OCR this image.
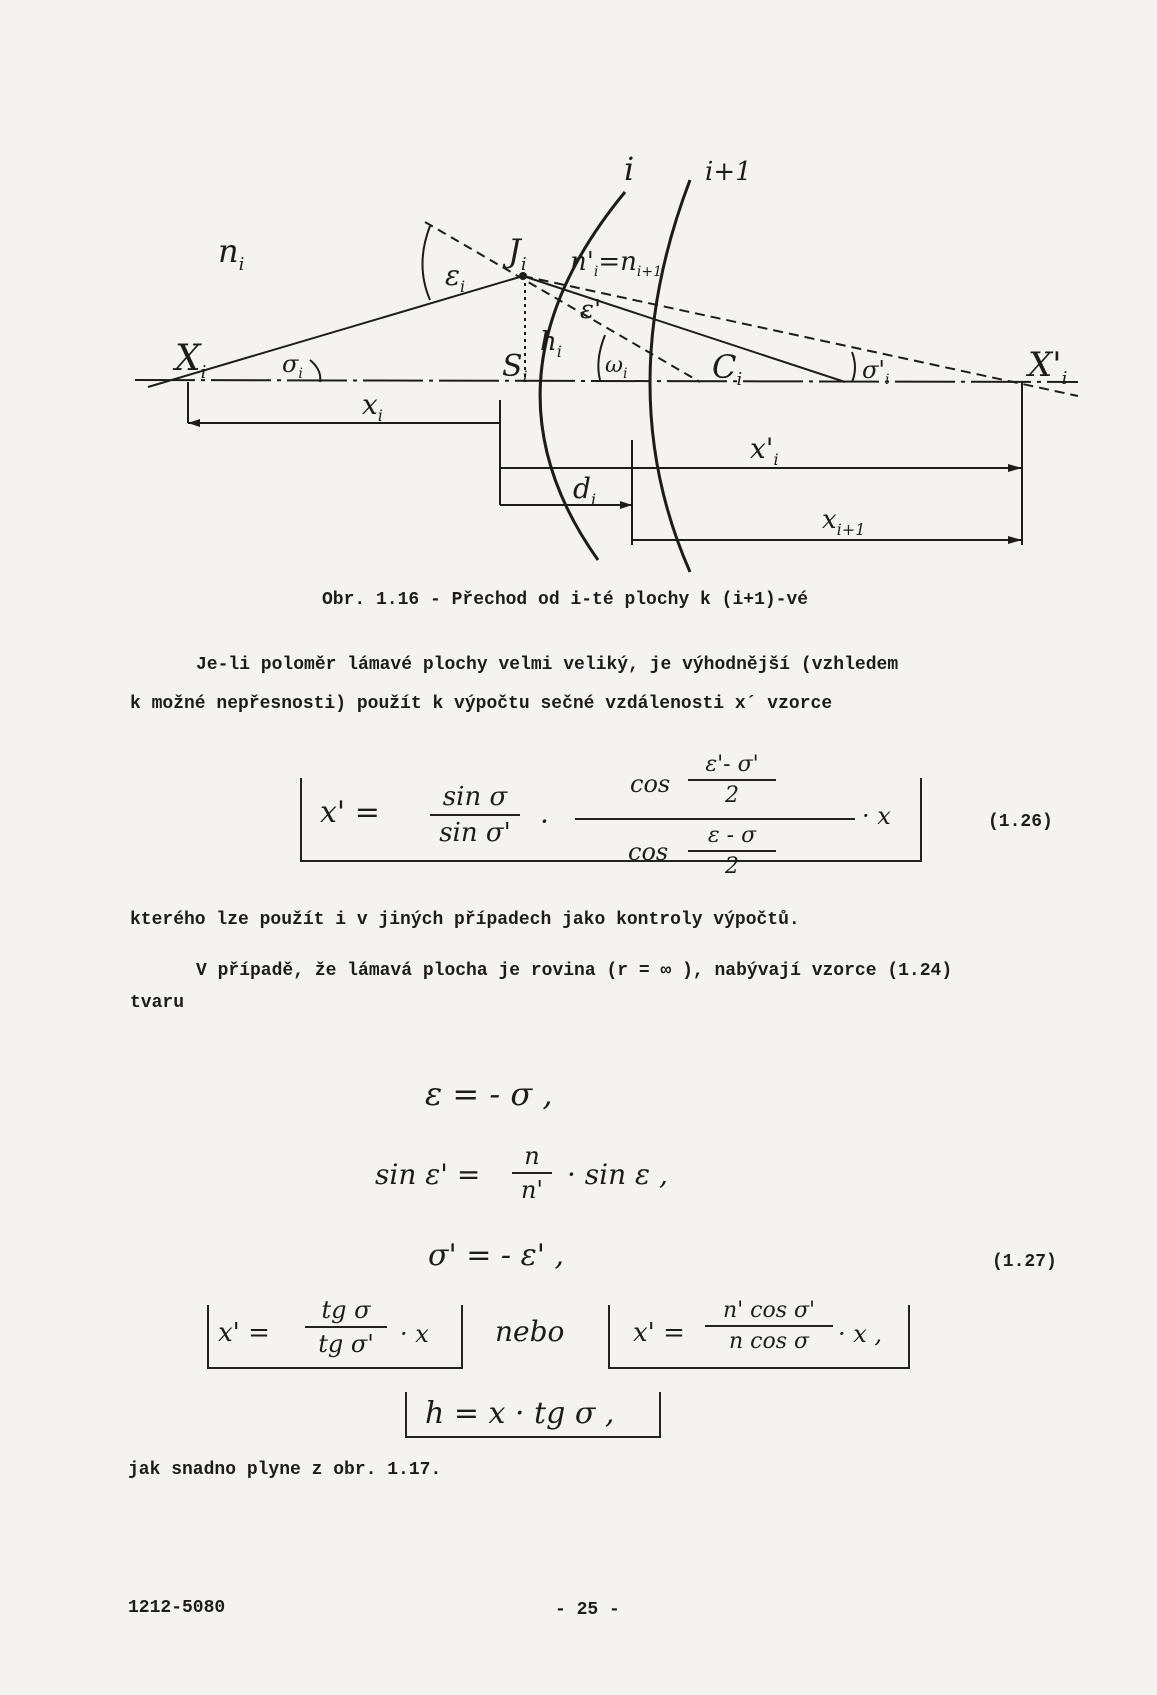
i	i+1
$n_i$	$J_i$ $n'_i=n_{i+1}$
$\varepsilon_i$
ε'
$X_i$	$\sigma_i$
$h_i$
$S_i$	$\omega_i$	$C_i$	$\sigma'_i$	$X'_i$
$x_i$
$x'_i$
$d_i$
$x_{i+1}$
Obr. 1.16 - Přechod od i-té plochy k (i+1)-vé
Je-li poloměr lámavé plochy velmi veliký, je výhodnější (vzhledem
k možné nepřesnosti) použít k výpočtu sečné vzdálenosti x´ vzorce
x' =	sin σ
sin σ'	·
cos
ε'- σ'
2
cos
ε - σ
2
· x	(1.26)
kterého lze použít i v jiných případech jako kontroly výpočtů.
V případě, že lámavá plocha je rovina (r = ∞ ), nabývají vzorce (1.24)
tvaru
ε = - σ ,
sin ε' =
n
n' · sin ε ,
σ' = - ε' ,	(1.27)
x' =
tg σ
tg σ'	· x nebo	x' =
n' cos σ'
n cos σ	· x ,
h = x · tg σ ,
jak snadno plyne z obr. 1.17.
1212-5080	- 25 -
